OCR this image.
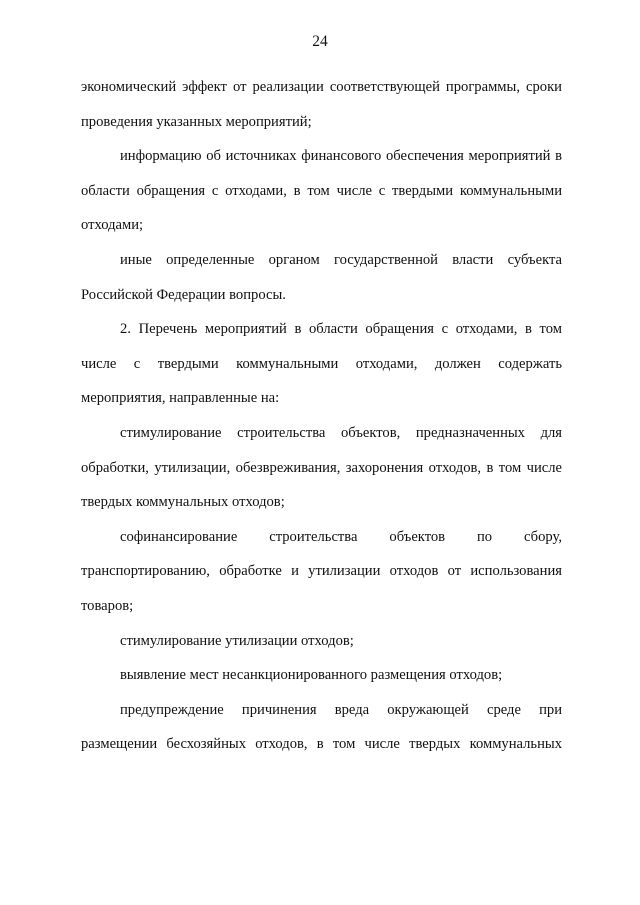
24

экономический эффект от реализации соответствующей программы, сроки проведения указанных мероприятий;

информацию об источниках финансового обеспечения мероприятий в области обращения с отходами, в том числе с твердыми коммунальными отходами;

иные определенные органом государственной власти субъекта Российской Федерации вопросы.

2. Перечень мероприятий в области обращения с отходами, в том числе с твердыми коммунальными отходами, должен содержать мероприятия, направленные на:

стимулирование строительства объектов, предназначенных для обработки, утилизации, обезвреживания, захоронения отходов, в том числе твердых коммунальных отходов;

софинансирование строительства объектов по сбору, транспортированию, обработке и утилизации отходов от использования товаров;

стимулирование утилизации отходов;

выявление мест несанкционированного размещения отходов;

предупреждение причинения вреда окружающей среде при размещении бесхозяйных отходов, в том числе твердых коммунальных
